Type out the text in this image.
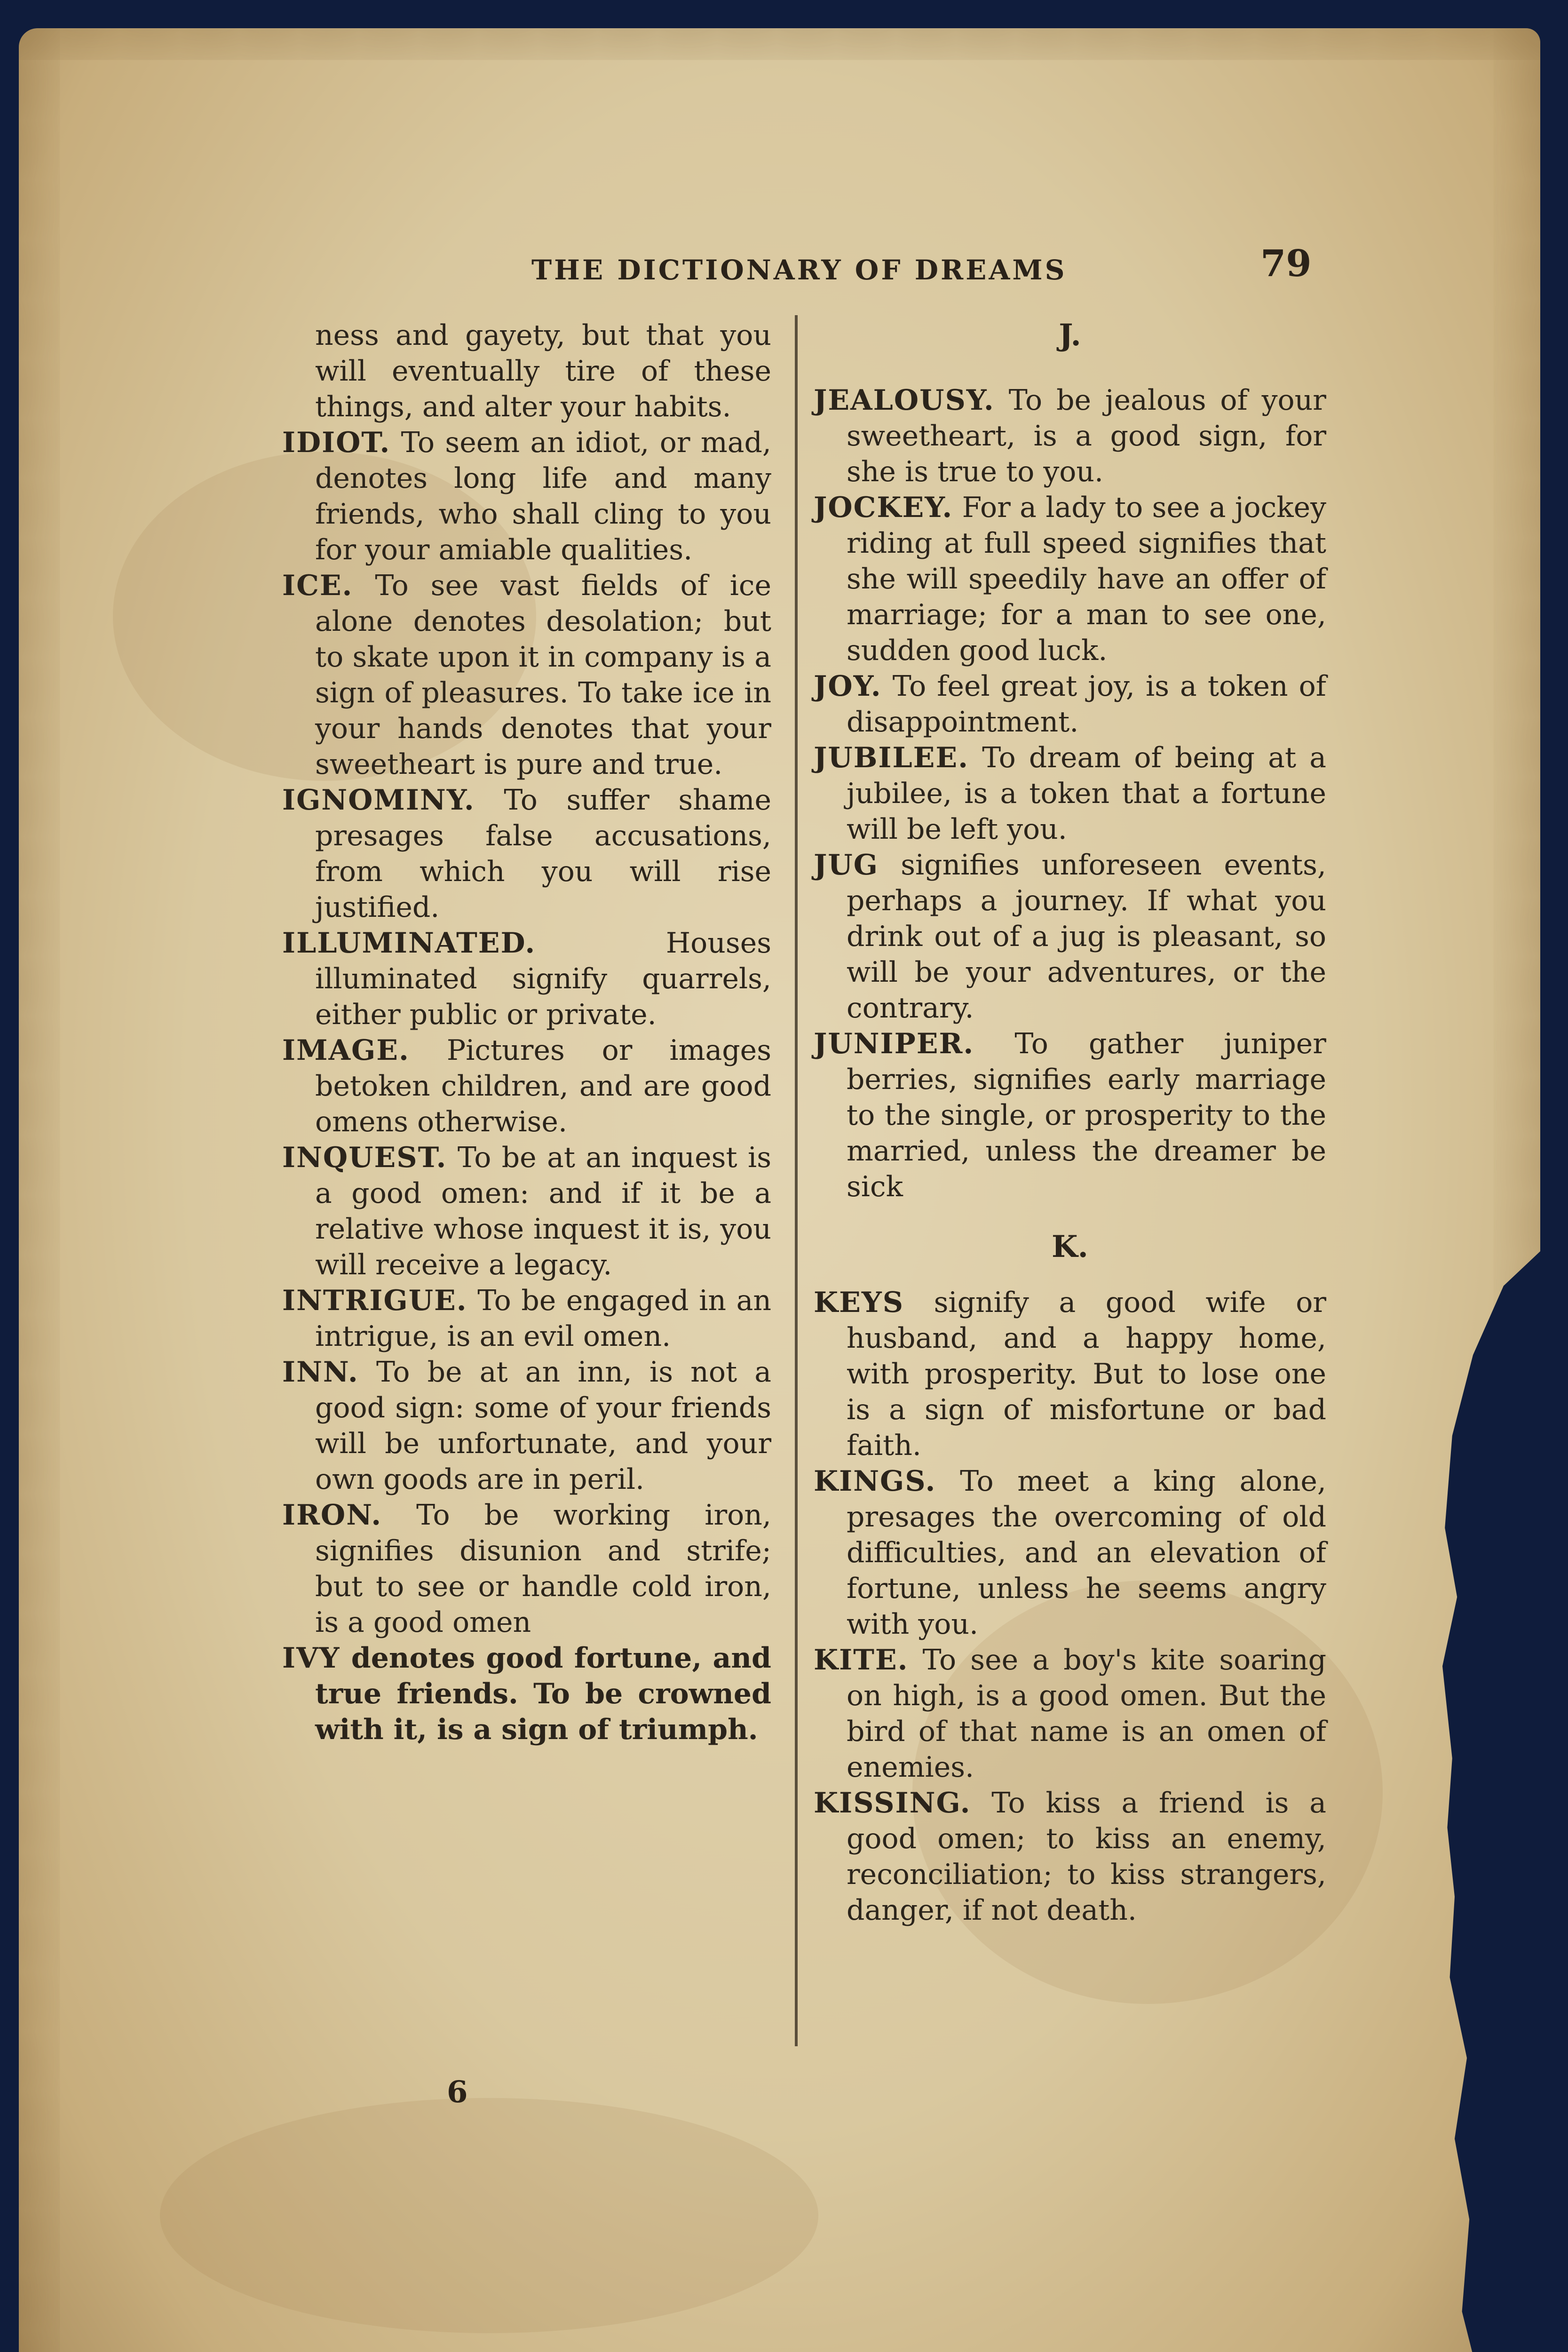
THE DICTIONARY OF DREAMS	79

ness and gayety, but that you will eventually tire of these things, and alter your habits.

IDIOT. To seem an idiot, or mad, denotes long life and many friends, who shall cling to you for your amiable qualities.

ICE. To see vast fields of ice alone denotes desolation; but to skate upon it in company is a sign of pleasures. To take ice in your hands denotes that your sweetheart is pure and true.

IGNOMINY. To suffer shame presages false accusations, from which you will rise justified.

ILLUMINATED.	Houses illuminated signify quarrels, either public or private.

IMAGE. Pictures or images betoken children, and are good omens otherwise.

INQUEST. To be at an inquest is a good omen: and if it be a relative whose inquest it is, you will receive a legacy.

INTRIGUE. To be engaged in an intrigue, is an evil omen.

INN. To be at an inn, is not a good sign: some of your friends will be unfortunate, and your own goods are in peril.

IRON. To be working iron, signifies disunion and strife; but to see or handle cold iron, is a good omen

IVY denotes good fortune, and true friends. To be crowned with it, is a sign of triumph.

J.

JEALOUSY. To be jealous of your sweetheart, is a good sign, for she is true to you.

JOCKEY. For a lady to see a jockey riding at full speed signifies that she will speedily have an offer of marriage; for a man to see one, sudden good luck.

JOY. To feel great joy, is a token of disappointment.

JUBILEE. To dream of being at a jubilee, is a token that a fortune will be left you.

JUG signifies unforeseen events, perhaps a journey. If what you drink out of a jug is pleasant, so will be your adventures, or the contrary.

JUNIPER. To gather juniper berries, signifies early marriage to the single, or prosperity to the married, unless the dreamer be sick

K.

KEYS signify a good wife or husband, and a happy home, with prosperity. But to lose one is a sign of misfortune or bad faith.

KINGS. To meet a king alone, presages the overcoming of old difficulties, and an elevation of fortune, unless he seems angry with you.

KITE. To see a boy's kite soaring on high, is a good omen. But the bird of that name is an omen of enemies.

KISSING. To kiss a friend is a good omen; to kiss an enemy, reconciliation; to kiss strangers, danger, if not death.

6
